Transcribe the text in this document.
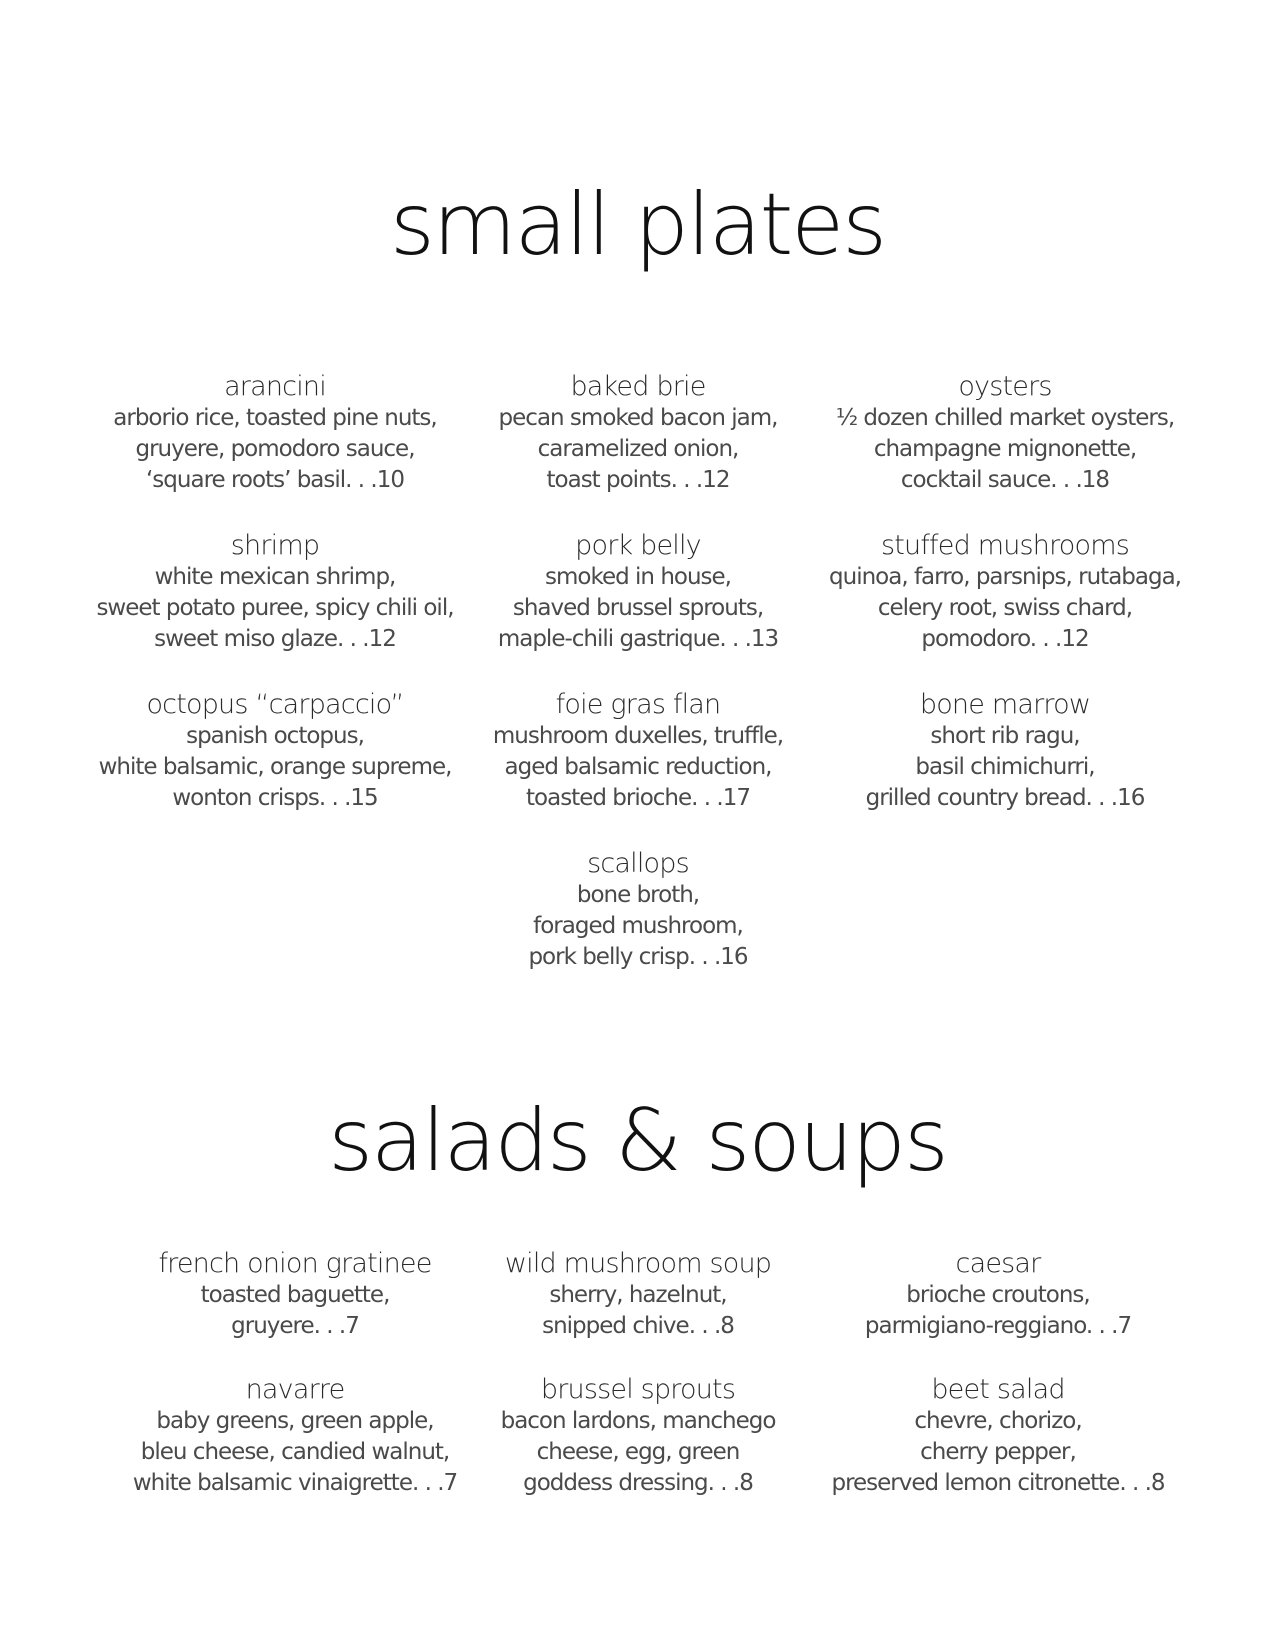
small plates
arancini
arborio rice, toasted pine nuts,
gruyere, pomodoro sauce,
‘square roots’ basil. . .10
baked brie
pecan smoked bacon jam,
caramelized onion,
toast points. . .12
oysters
½ dozen chilled market oysters,
champagne mignonette,
cocktail sauce. . .18
shrimp
white mexican shrimp,
sweet potato puree, spicy chili oil,
sweet miso glaze. . .12
pork belly
smoked in house,
shaved brussel sprouts,
maple-chili gastrique. . .13
stuffed mushrooms
quinoa, farro, parsnips, rutabaga,
celery root, swiss chard,
pomodoro. . .12
octopus “carpaccio”
spanish octopus,
white balsamic, orange supreme,
wonton crisps. . .15
foie gras flan
mushroom duxelles, truffle,
aged balsamic reduction,
toasted brioche. . .17
bone marrow
short rib ragu,
basil chimichurri,
grilled country bread. . .16
scallops
bone broth,
foraged mushroom,
pork belly crisp. . .16
salads & soups
french onion gratinee
toasted baguette,
gruyere. . .7
wild mushroom soup
sherry, hazelnut,
snipped chive. . .8
caesar
brioche croutons,
parmigiano-reggiano. . .7
navarre
baby greens, green apple,
bleu cheese, candied walnut,
white balsamic vinaigrette. . .7
brussel sprouts
bacon lardons, manchego
cheese, egg, green
goddess dressing. . .8
beet salad
chevre, chorizo,
cherry pepper,
preserved lemon citronette. . .8
